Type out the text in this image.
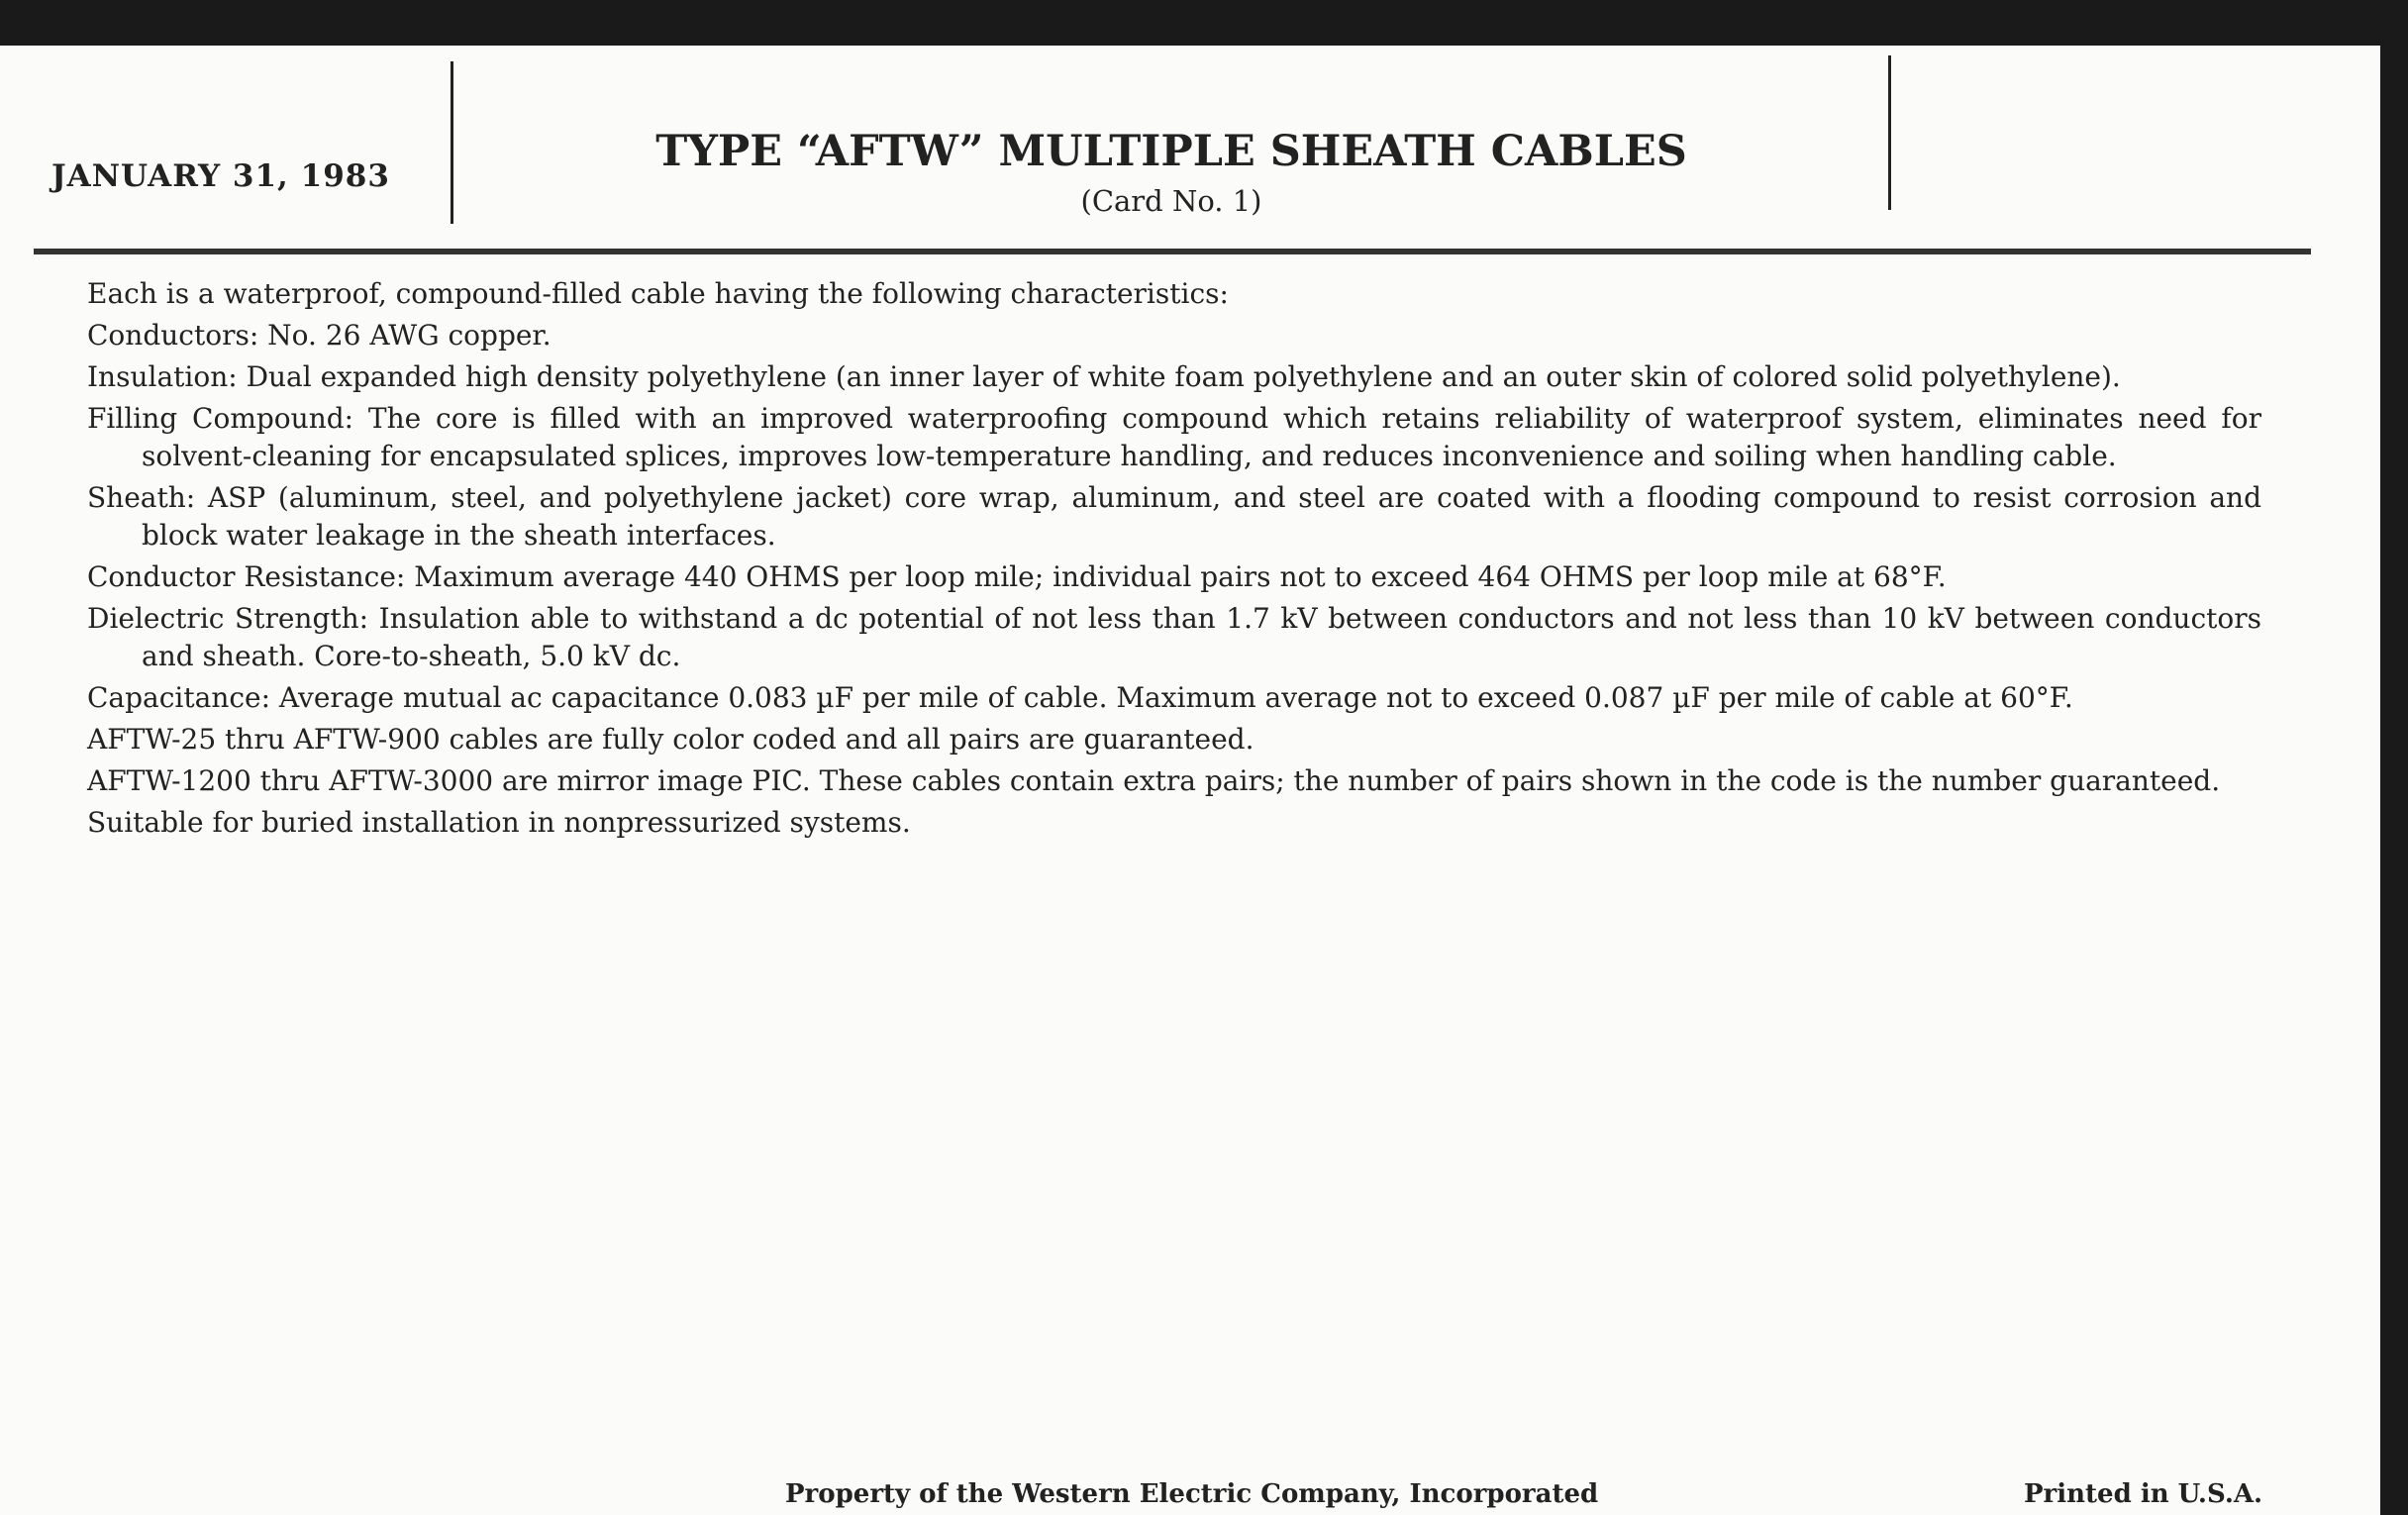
JANUARY 31, 1983	TYPE “AFTW” MULTIPLE SHEATH CABLES
(Card No. 1)

Each is a waterproof, compound-filled cable having the following characteristics:

Conductors: No. 26 AWG copper.

Insulation: Dual expanded high density polyethylene (an inner layer of white foam polyethylene and an outer skin of colored solid polyethylene).

Filling Compound: The core is filled with an improved waterproofing compound which retains reliability of waterproof system, eliminates need for solvent-cleaning for encapsulated splices, improves low-temperature handling, and reduces inconvenience and soiling when handling cable.

Sheath: ASP (aluminum, steel, and polyethylene jacket) core wrap, aluminum, and steel are coated with a flooding compound to resist corrosion and block water leakage in the sheath interfaces.

Conductor Resistance: Maximum average 440 OHMS per loop mile; individual pairs not to exceed 464 OHMS per loop mile at 68°F.

Dielectric Strength: Insulation able to withstand a dc potential of not less than 1.7 kV between conductors and not less than 10 kV between conductors and sheath. Core-to-sheath, 5.0 kV dc.

Capacitance: Average mutual ac capacitance 0.083 µF per mile of cable. Maximum average not to exceed 0.087 µF per mile of cable at 60°F.

AFTW-25 thru AFTW-900 cables are fully color coded and all pairs are guaranteed.

AFTW-1200 thru AFTW-3000 are mirror image PIC. These cables contain extra pairs; the number of pairs shown in the code is the number guaranteed.

Suitable for buried installation in nonpressurized systems.

Property of the Western Electric Company, Incorporated	Printed in U.S.A.
